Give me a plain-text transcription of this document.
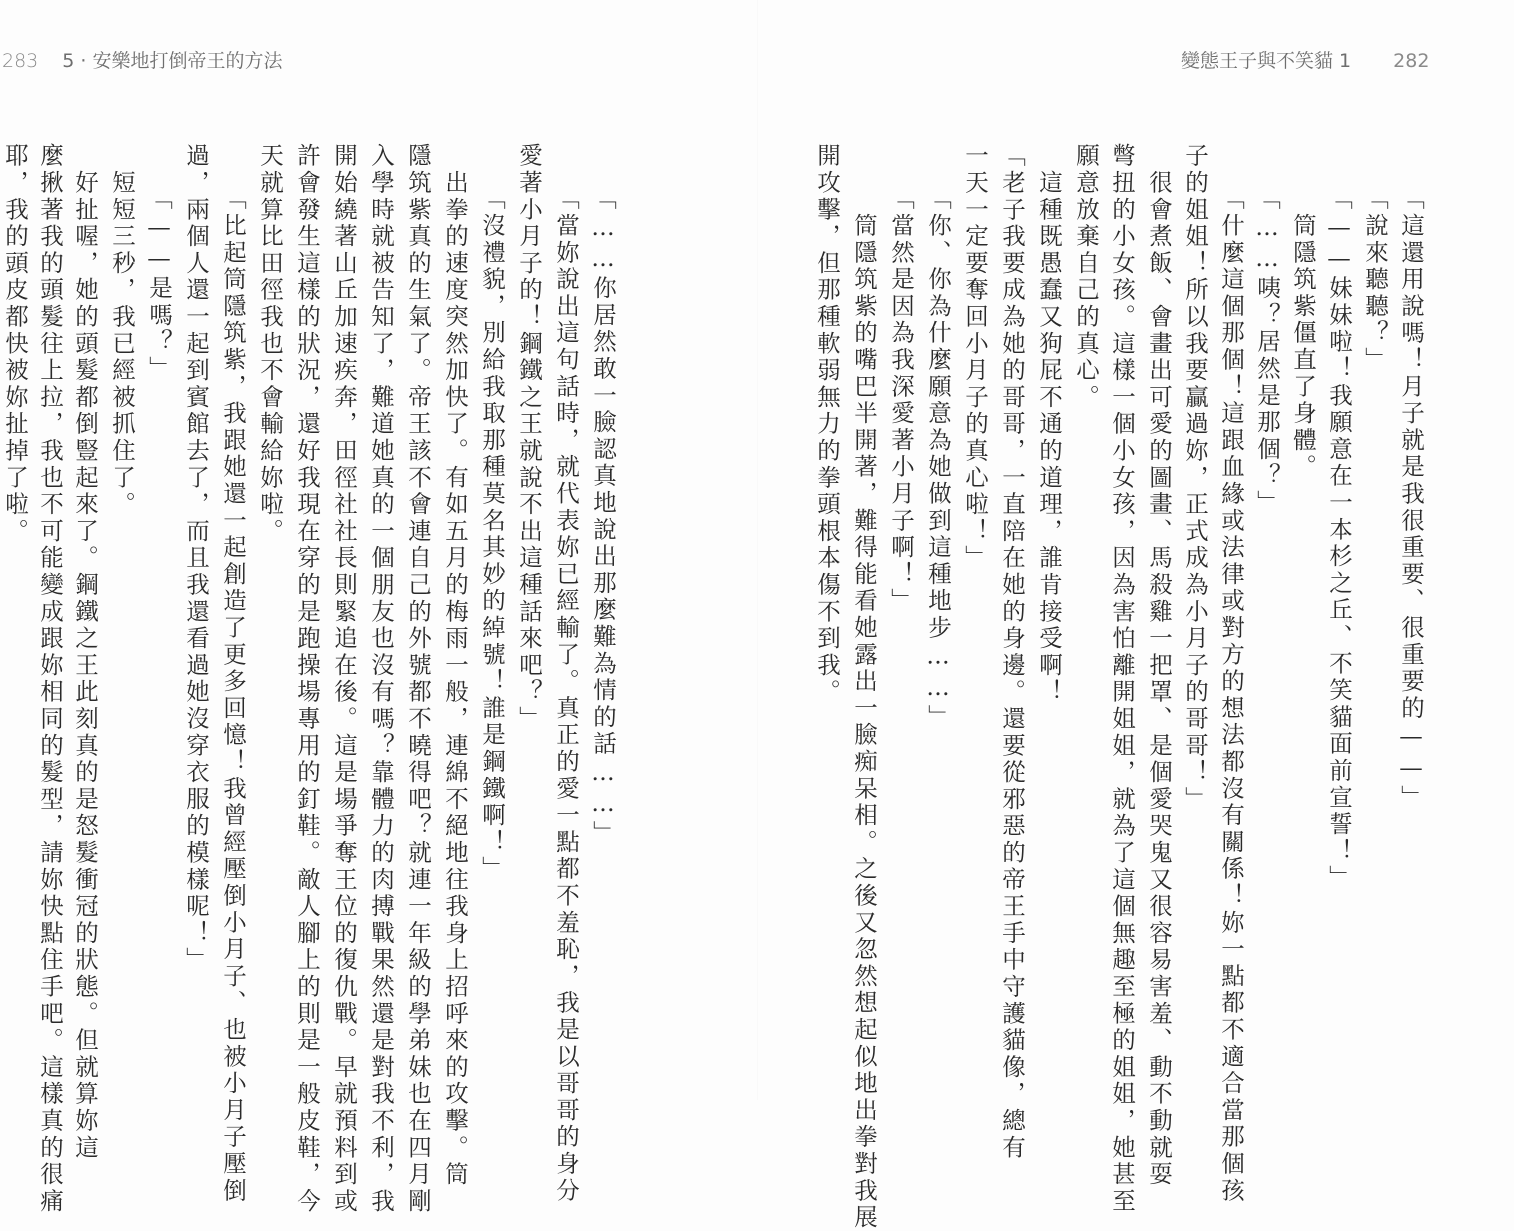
283 5 · 安樂地打倒帝王的方法	變態王子與不笑貓 1 282
「這還用說嗎！月子就是我很重要、很重要的——」
「說來聽聽？」
「——妹妹啦！我願意在一本杉之丘、不笑貓面前宣誓！」
　筒隱筑紫僵直了身體。
「……咦？居然是那個？」
「什麼這個那個！這跟血緣或法律或對方的想法都沒有關係！妳一點都不適合當那個孩
子的姐姐！所以我要贏過妳，正式成為小月子的哥哥！」
　很會煮飯、會畫出可愛的圖畫、馬殺雞一把罩、是個愛哭鬼又很容易害羞、動不動就耍
彆扭的小女孩。這樣一個小女孩，因為害怕離開姐姐，就為了這個無趣至極的姐姐，她甚至
願意放棄自己的真心。
　這種既愚蠢又狗屁不通的道理，誰肯接受啊！
「老子我要成為她的哥哥，一直陪在她的身邊。還要從邪惡的帝王手中守護貓像，總有
一天一定要奪回小月子的真心啦！」
「你、你為什麼願意為她做到這種地步……」
「當然是因為我深愛著小月子啊！」
　筒隱筑紫的嘴巴半開著，難得能看她露出一臉痴呆相。之後又忽然想起似地出拳對我展
開攻擊，但那種軟弱無力的拳頭根本傷不到我。
「……你居然敢一臉認真地說出那麼難為情的話……」
「當妳說出這句話時，就代表妳已經輸了。真正的愛一點都不羞恥，我是以哥哥的身分
愛著小月子的！鋼鐵之王就說不出這種話來吧？」
「沒禮貌，別給我取那種莫名其妙的綽號！誰是鋼鐵啊！」
　出拳的速度突然加快了。有如五月的梅雨一般，連綿不絕地往我身上招呼來的攻擊。筒
隱筑紫真的生氣了。帝王該不會連自己的外號都不曉得吧？就連一年級的學弟妹也在四月剛
入學時就被告知了，難道她真的一個朋友也沒有嗎？靠體力的肉搏戰果然還是對我不利，我
開始繞著山丘加速疾奔，田徑社社長則緊追在後。這是場爭奪王位的復仇戰。早就預料到或
許會發生這樣的狀況，還好我現在穿的是跑操場專用的釘鞋。敵人腳上的則是一般皮鞋，今
天就算比田徑我也不會輸給妳啦。
「比起筒隱筑紫，我跟她還一起創造了更多回憶！我曾經壓倒小月子、也被小月子壓倒
過，兩個人還一起到賓館去了，而且我還看過她沒穿衣服的模樣呢！」
「——是嗎？」
　短短三秒，我已經被抓住了。
　好扯喔，她的頭髮都倒豎起來了。鋼鐵之王此刻真的是怒髮衝冠的狀態。但就算妳這
麼揪著我的頭髮往上拉，我也不可能變成跟妳相同的髮型，請妳快點住手吧。這樣真的很痛
耶，我的頭皮都快被妳扯掉了啦。
